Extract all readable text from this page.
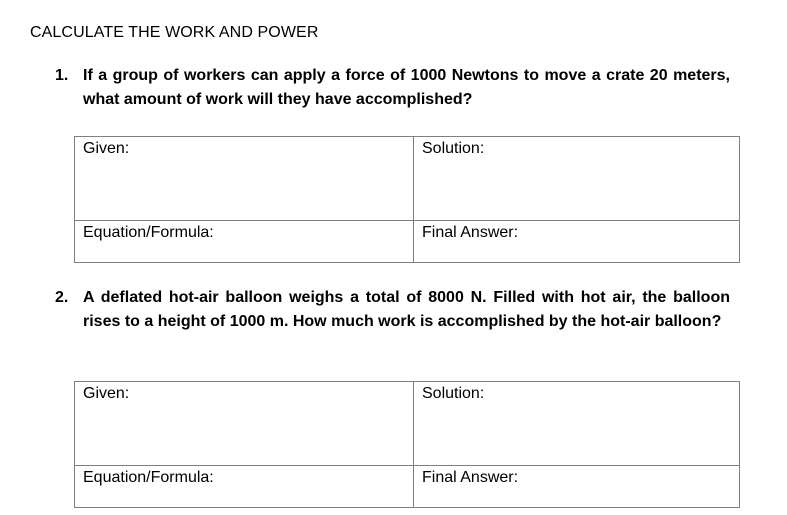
CALCULATE THE WORK AND POWER
1. If a group of workers can apply a force of 1000 Newtons to move a crate 20 meters, what amount of work will they have accomplished?
Given:	Solution:
Equation/Formula:	Final Answer:
2. A deflated hot-air balloon weighs a total of 8000 N. Filled with hot air, the balloon rises to a height of 1000 m. How much work is accomplished by the hot-air balloon?
Given:	Solution:
Equation/Formula:	Final Answer:
